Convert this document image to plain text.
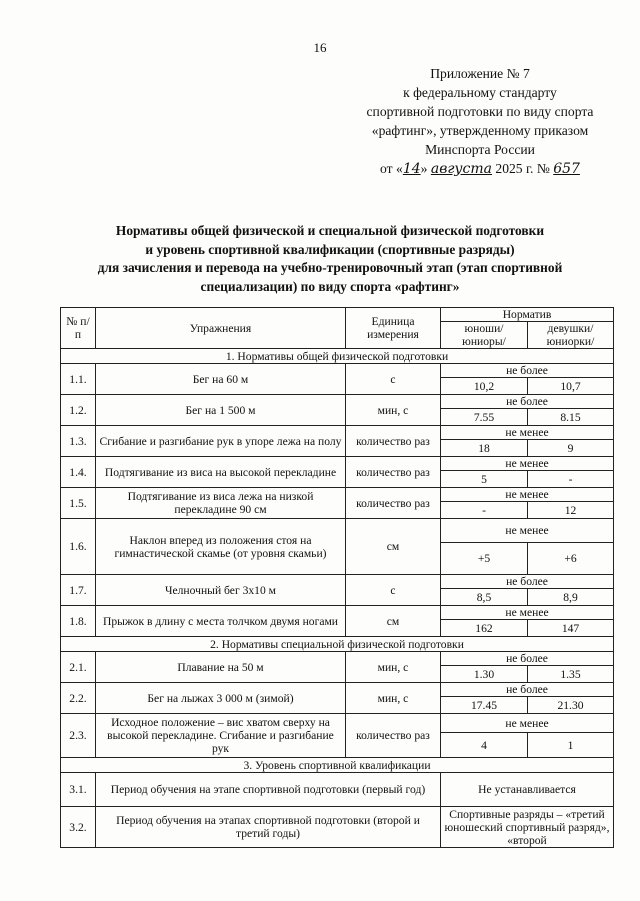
16
Приложение № 7
к федеральному стандарту
спортивной подготовки по виду спорта
«рафтинг», утвержденному приказом
Минспорта России
от «14» августа 2025 г. № 657
Нормативы общей физической и специальной физической подготовки
и уровень спортивной квалификации (спортивные разряды)
для зачисления и перевода на учебно-тренировочный этап (этап спортивной
специализации) по виду спорта «рафтинг»
№ п/п	Упражнения	Единица измерения	Норматив	
			юноши/ юниоры/	девушки/ юниорки/
1. Нормативы общей физической подготовки				
1.1.	Бег на 60 м	с	не более	
			10,2	10,7
1.2.	Бег на 1 500 м	мин, с	не более	
			7.55	8.15
1.3.	Сгибание и разгибание рук в упоре лежа на полу	количество раз	не менее	
			18	9
1.4.	Подтягивание из виса на высокой перекладине	количество раз	не менее	
			5	-
1.5.	Подтягивание из виса лежа на низкой перекладине 90 см	количество раз	не менее	
			-	12
1.6.	Наклон вперед из положения стоя на гимнастической скамье (от уровня скамьи)	см	не менее	
			+5	+6
1.7.	Челночный бег 3х10 м	с	не более	
			8,5	8,9
1.8.	Прыжок в длину с места толчком двумя ногами	см	не менее	
			162	147
2. Нормативы специальной физической подготовки				
2.1.	Плавание на 50 м	мин, с	не более	
			1.30	1.35
2.2.	Бег на лыжах 3 000 м (зимой)	мин, с	не более	
			17.45	21.30
2.3.	Исходное положение – вис хватом сверху на высокой перекладине. Сгибание и разгибание рук	количество раз	не менее	
			4	1
3. Уровень спортивной квалификации				
3.1.	Период обучения на этапе спортивной подготовки (первый год)		Не устанавливается	
3.2.	Период обучения на этапах спортивной подготовки (второй и третий годы)		Спортивные разряды – «третий юношеский спортивный разряд», «второй	
